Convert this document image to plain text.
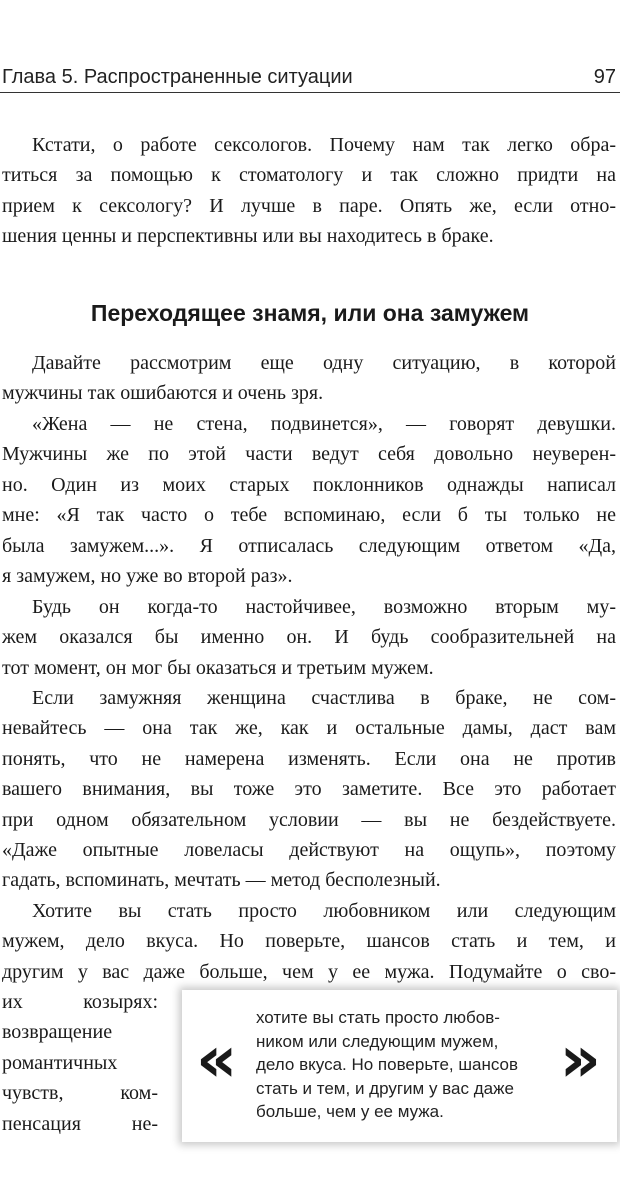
Глава 5. Распространенные ситуации	97
Кстати, о работе сексологов. Почему нам так легко обра-
титься за помощью к стоматологу и так сложно придти на
прием к сексологу? И лучше в паре. Опять же, если отно-
шения ценны и перспективны или вы находитесь в браке.
Переходящее знамя, или она замужем
Давайте рассмотрим еще одну ситуацию, в которой
мужчины так ошибаются и очень зря.
«Жена — не стена, подвинется», — говорят девушки.
Мужчины же по этой части ведут себя довольно неуверен-
но. Один из моих старых поклонников однажды написал
мне: «Я так часто о тебе вспоминаю, если б ты только не
была замужем...». Я отписалась следующим ответом «Да,
я замужем, но уже во второй раз».
Будь он когда-то настойчивее, возможно вторым му-
жем оказался бы именно он. И будь сообразительней на
тот момент, он мог бы оказаться и третьим мужем.
Если замужняя женщина счастлива в браке, не сом-
невайтесь — она так же, как и остальные дамы, даст вам
понять, что не намерена изменять. Если она не против
вашего внимания, вы тоже это заметите. Все это работает
при одном обязательном условии — вы не бездействуете.
«Даже опытные ловеласы действуют на ощупь», поэтому
гадать, вспоминать, мечтать — метод бесполезный.
Хотите вы стать просто любовником или следующим
мужем, дело вкуса. Но поверьте, шансов стать и тем, и
другим у вас даже больше, чем у ее мужа. Подумайте о сво-
их козырях:
возвращение
романтичных
чувств, ком-
пенсация не-
«
хотите вы стать просто любов-
ником или следующим мужем,
дело вкуса. Но поверьте, шансов
стать и тем, и другим у вас даже
больше, чем у ее мужа.
»
